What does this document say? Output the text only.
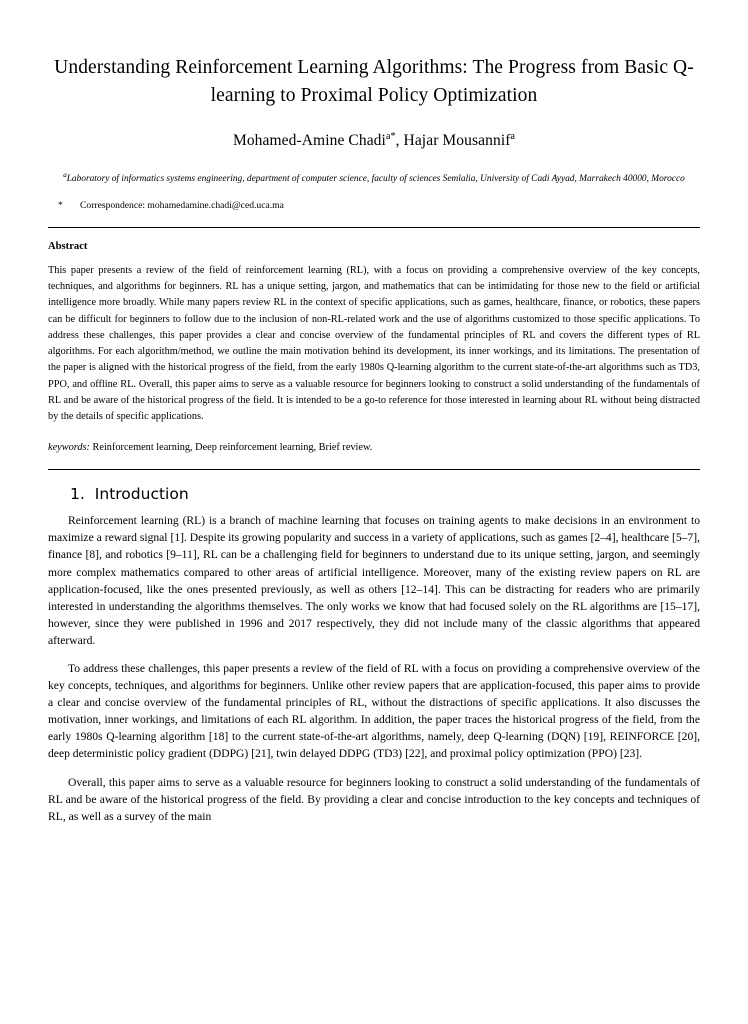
Understanding Reinforcement Learning Algorithms: The Progress from Basic Q-learning to Proximal Policy Optimization
Mohamed-Amine Chadi$^{a*}$, Hajar Mousannif$^a$
$^a$Laboratory of informatics systems engineering, department of computer science, faculty of sciences Semlalia, University of Cadi Ayyad, Marrakech 40000, Morocco
* Correspondence: mohamedamine.chadi@ced.uca.ma
Abstract
This paper presents a review of the field of reinforcement learning (RL), with a focus on providing a comprehensive overview of the key concepts, techniques, and algorithms for beginners. RL has a unique setting, jargon, and mathematics that can be intimidating for those new to the field or artificial intelligence more broadly. While many papers review RL in the context of specific applications, such as games, healthcare, finance, or robotics, these papers can be difficult for beginners to follow due to the inclusion of non-RL-related work and the use of algorithms customized to those specific applications. To address these challenges, this paper provides a clear and concise overview of the fundamental principles of RL and covers the different types of RL algorithms. For each algorithm/method, we outline the main motivation behind its development, its inner workings, and its limitations. The presentation of the paper is aligned with the historical progress of the field, from the early 1980s Q-learning algorithm to the current state-of-the-art algorithms such as TD3, PPO, and offline RL. Overall, this paper aims to serve as a valuable resource for beginners looking to construct a solid understanding of the fundamentals of RL and be aware of the historical progress of the field. It is intended to be a go-to reference for those interested in learning about RL without being distracted by the details of specific applications.
keywords: Reinforcement learning, Deep reinforcement learning, Brief review.
1. Introduction

Reinforcement learning (RL) is a branch of machine learning that focuses on training agents to make decisions in an environment to maximize a reward signal [1]. Despite its growing popularity and success in a variety of applications, such as games [2–4], healthcare [5–7], finance [8], and robotics [9–11], RL can be a challenging field for beginners to understand due to its unique setting, jargon, and seemingly more complex mathematics compared to other areas of artificial intelligence. Moreover, many of the existing review papers on RL are application-focused, like the ones presented previously, as well as others [12–14]. This can be distracting for readers who are primarily interested in understanding the algorithms themselves. The only works we know that had focused solely on the RL algorithms are [15–17], however, since they were published in 1996 and 2017 respectively, they did not include many of the classic algorithms that appeared afterward.

To address these challenges, this paper presents a review of the field of RL with a focus on providing a comprehensive overview of the key concepts, techniques, and algorithms for beginners. Unlike other review papers that are application-focused, this paper aims to provide a clear and concise overview of the fundamental principles of RL, without the distractions of specific applications. It also discusses the motivation, inner workings, and limitations of each RL algorithm. In addition, the paper traces the historical progress of the field, from the early 1980s Q-learning algorithm [18] to the current state-of-the-art algorithms, namely, deep Q-learning (DQN) [19], REINFORCE [20], deep deterministic policy gradient (DDPG) [21], twin delayed DDPG (TD3) [22], and proximal policy optimization (PPO) [23].

Overall, this paper aims to serve as a valuable resource for beginners looking to construct a solid understanding of the fundamentals of RL and be aware of the historical progress of the field. By providing a clear and concise introduction to the key concepts and techniques of RL, as well as a survey of the main
